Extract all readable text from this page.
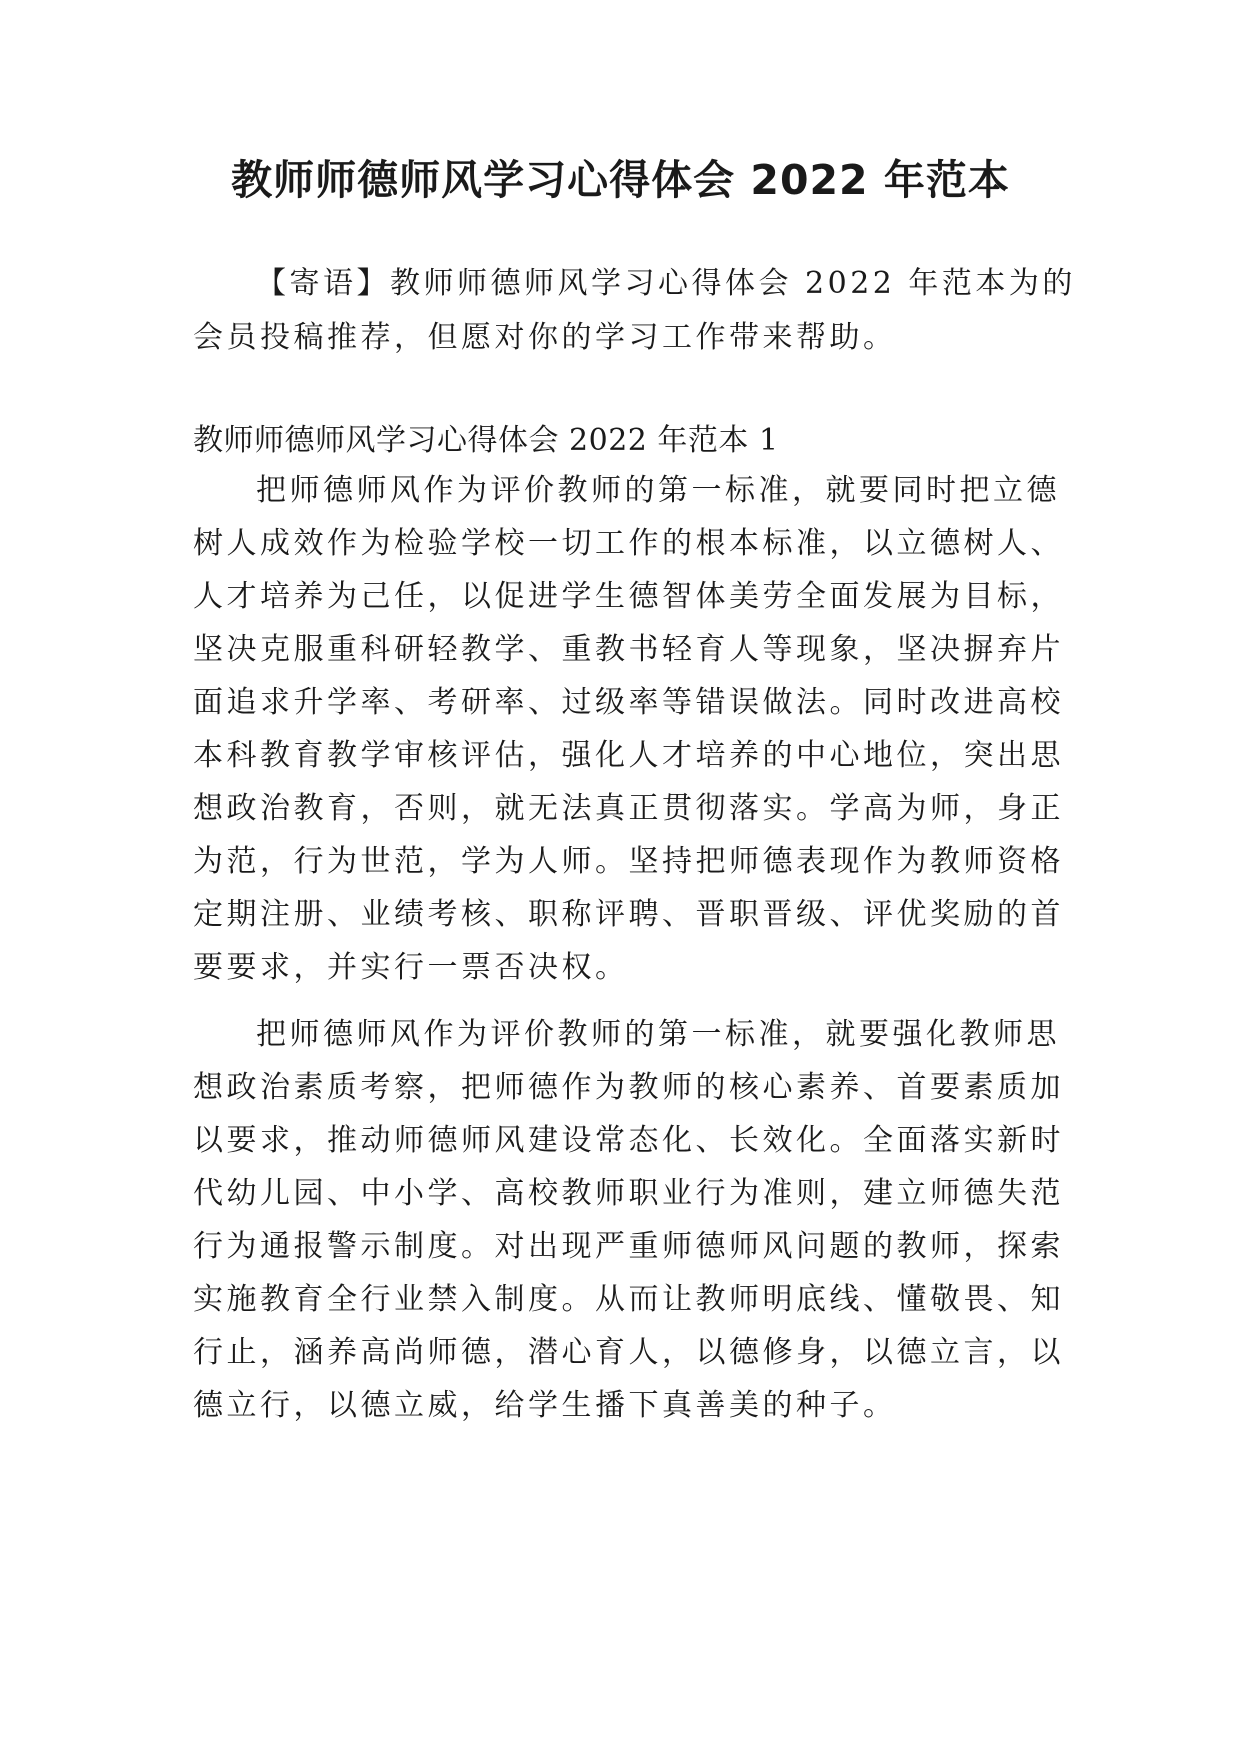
教师师德师风学习心得体会 2022 年范本

【寄语】教师师德师风学习心得体会 2022 年范本为的

会员投稿推荐，但愿对你的学习工作带来帮助。

教师师德师风学习心得体会 2022 年范本 1

把师德师风作为评价教师的第一标准，就要同时把立德

树人成效作为检验学校一切工作的根本标准，以立德树人、

人才培养为己任，以促进学生德智体美劳全面发展为目标，

坚决克服重科研轻教学、重教书轻育人等现象，坚决摒弃片

面追求升学率、考研率、过级率等错误做法。同时改进高校

本科教育教学审核评估，强化人才培养的中心地位，突出思

想政治教育，否则，就无法真正贯彻落实。学高为师，身正

为范，行为世范，学为人师。坚持把师德表现作为教师资格

定期注册、业绩考核、职称评聘、晋职晋级、评优奖励的首

要要求，并实行一票否决权。

把师德师风作为评价教师的第一标准，就要强化教师思

想政治素质考察，把师德作为教师的核心素养、首要素质加

以要求，推动师德师风建设常态化、长效化。全面落实新时

代幼儿园、中小学、高校教师职业行为准则，建立师德失范

行为通报警示制度。对出现严重师德师风问题的教师，探索

实施教育全行业禁入制度。从而让教师明底线、懂敬畏、知

行止，涵养高尚师德，潜心育人，以德修身，以德立言，以

德立行，以德立威，给学生播下真善美的种子。
